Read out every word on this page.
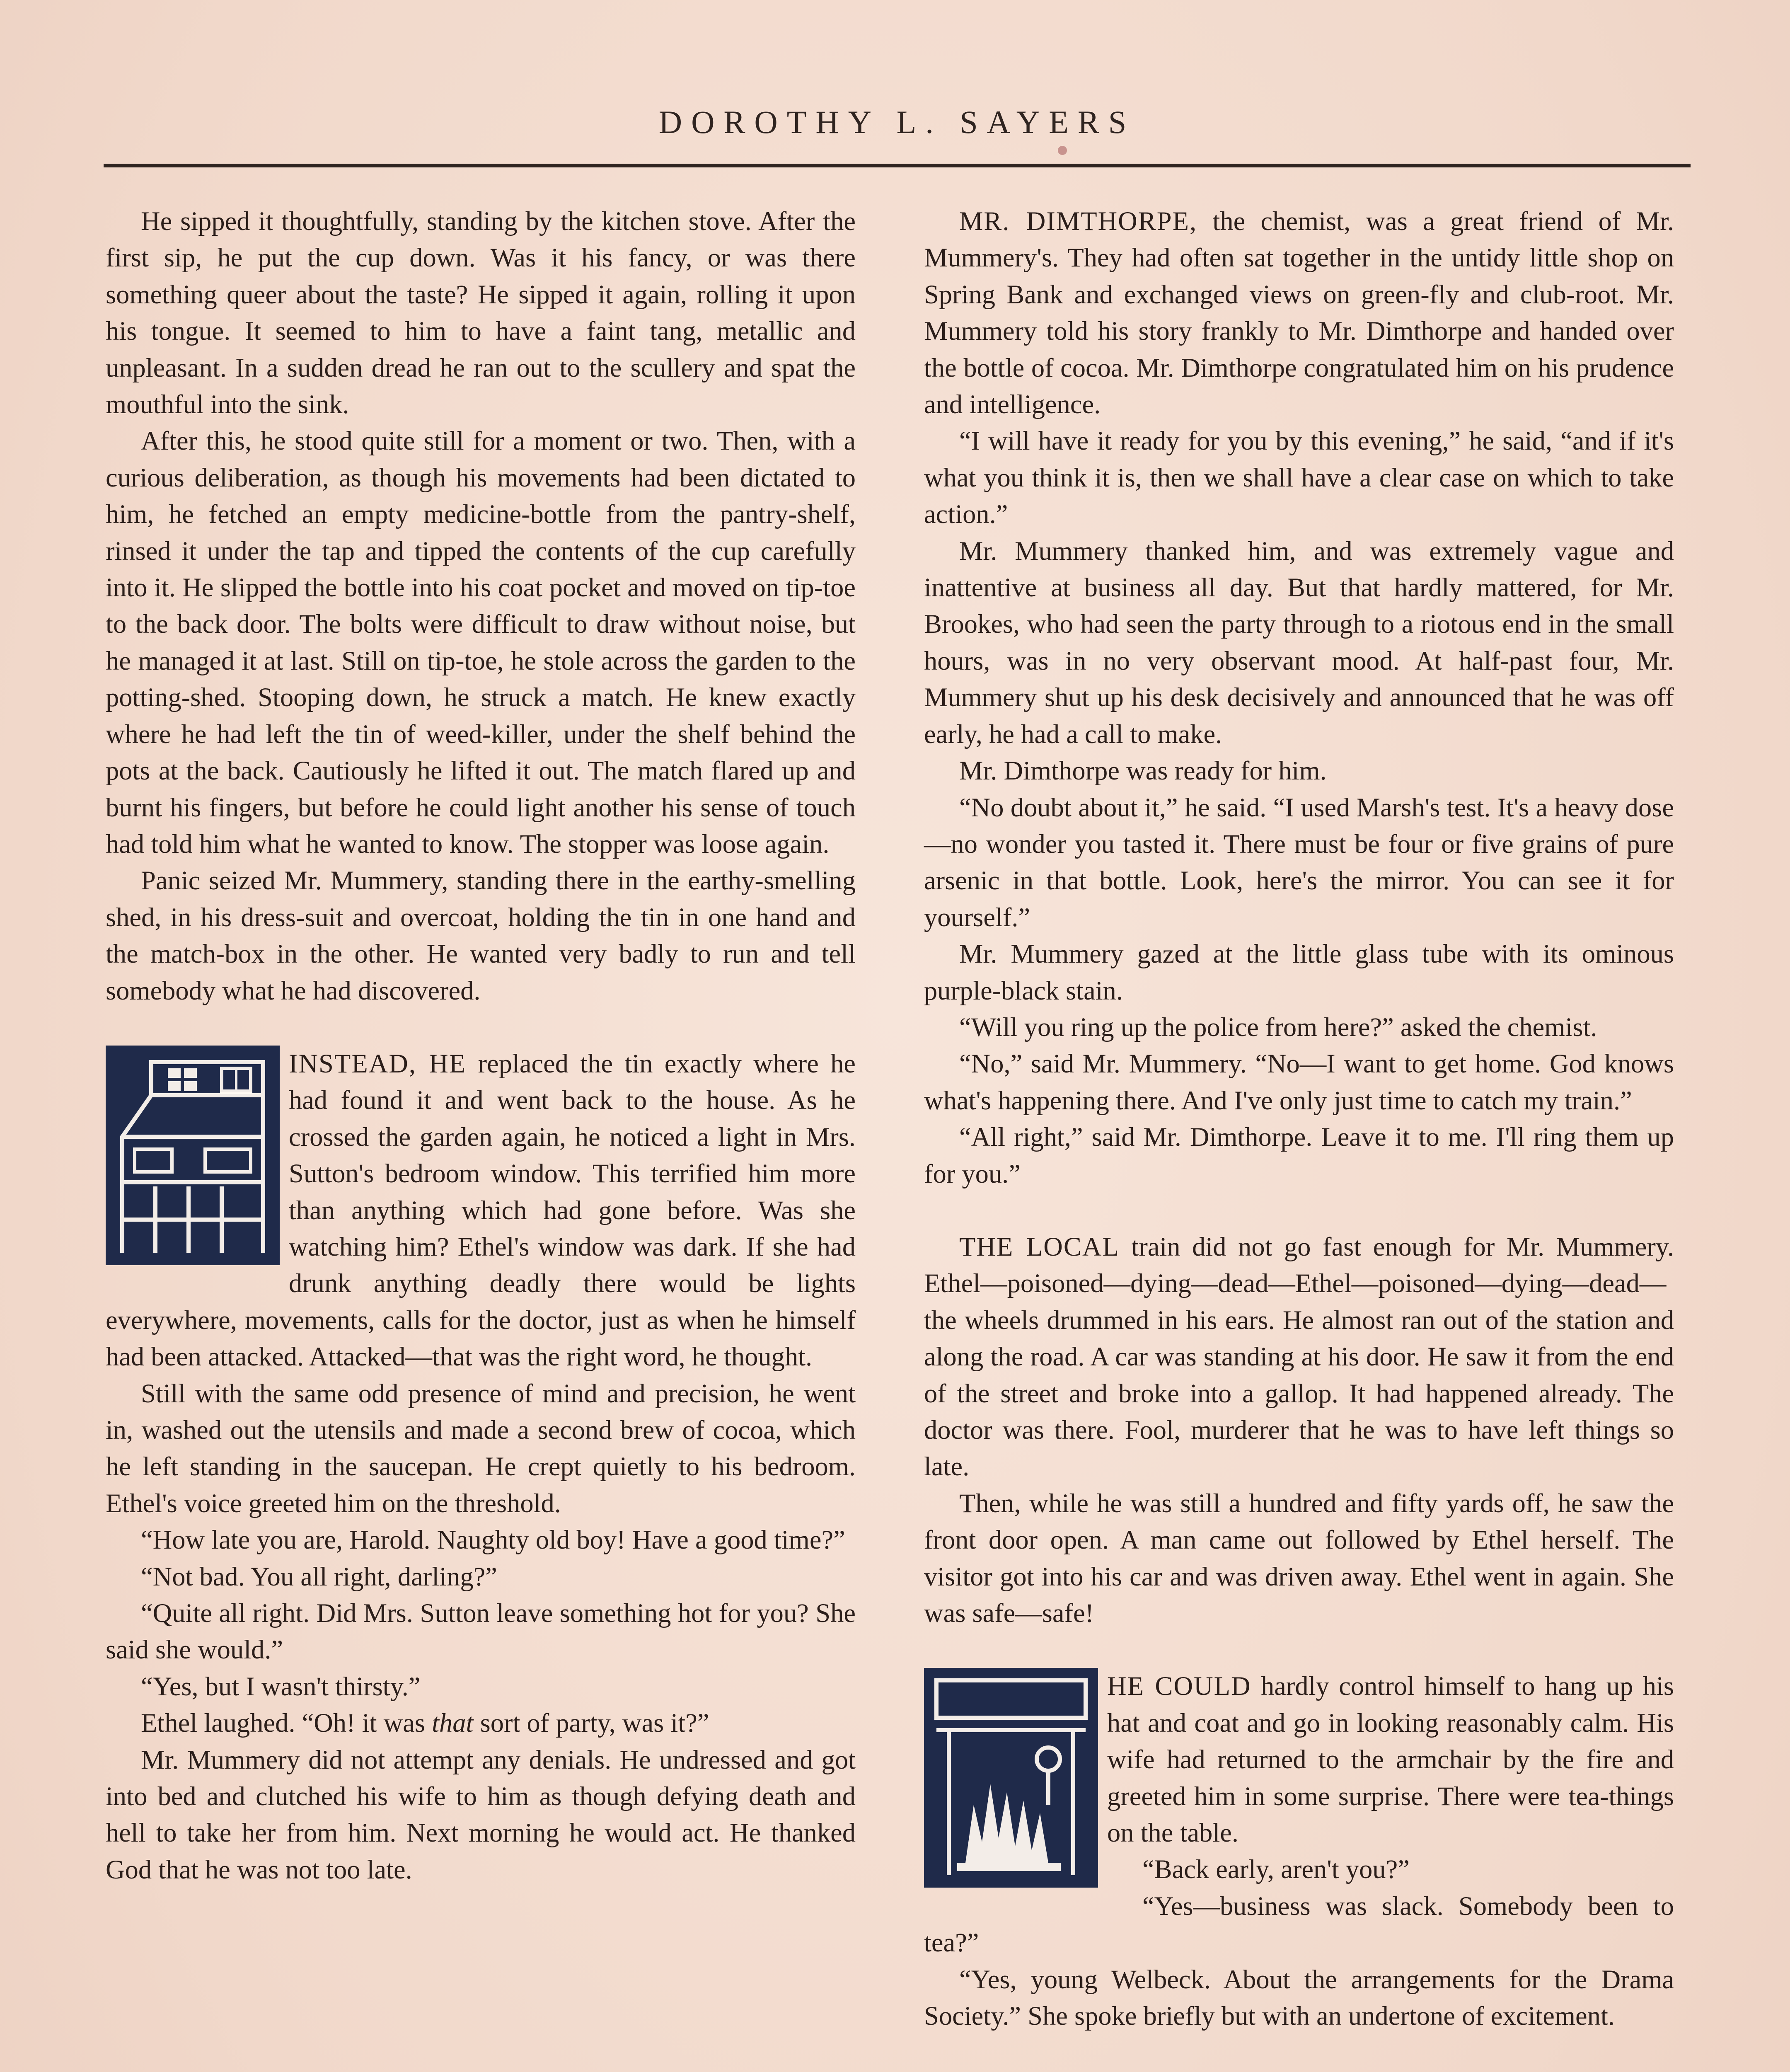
DOROTHY L. SAYERS

He sipped it thoughtfully, standing by the kitchen stove. After the first sip, he put the cup down. Was it his fancy, or was there something queer about the taste? He sipped it again, rolling it upon his tongue. It seemed to him to have a faint tang, metallic and unpleasant. In a sudden dread he ran out to the scullery and spat the mouthful into the sink.

After this, he stood quite still for a moment or two. Then, with a curious deliberation, as though his movements had been dictated to him, he fetched an empty medicine-bottle from the pantry-shelf, rinsed it under the tap and tipped the contents of the cup carefully into it. He slipped the bottle into his coat pocket and moved on tip-toe to the back door. The bolts were difficult to draw without noise, but he managed it at last. Still on tip-toe, he stole across the garden to the potting-shed. Stooping down, he struck a match. He knew exactly where he had left the tin of weed-killer, under the shelf behind the pots at the back. Cautiously he lifted it out. The match flared up and burnt his fingers, but before he could light another his sense of touch had told him what he wanted to know. The stopper was loose again.

Panic seized Mr. Mummery, standing there in the earthy-smelling shed, in his dress-suit and overcoat, holding the tin in one hand and the match-box in the other. He wanted very badly to run and tell somebody what he had discovered.

INSTEAD, HE replaced the tin exactly where he had found it and went back to the house. As he crossed the garden again, he noticed a light in Mrs. Sutton's bedroom window. This terrified him more than anything which had gone before. Was she watching him? Ethel's window was dark. If she had drunk anything deadly there would be lights everywhere, movements, calls for the doctor, just as when he himself had been attacked. Attacked—that was the right word, he thought.

Still with the same odd presence of mind and precision, he went in, washed out the utensils and made a second brew of cocoa, which he left standing in the saucepan. He crept quietly to his bedroom. Ethel's voice greeted him on the threshold.

“How late you are, Harold. Naughty old boy! Have a good time?”

“Not bad. You all right, darling?”

“Quite all right. Did Mrs. Sutton leave something hot for you? She said she would.”

“Yes, but I wasn't thirsty.”

Ethel laughed. “Oh! it was that sort of party, was it?”

Mr. Mummery did not attempt any denials. He undressed and got into bed and clutched his wife to him as though defying death and hell to take her from him. Next morning he would act. He thanked God that he was not too late.

MR. DIMTHORPE, the chemist, was a great friend of Mr. Mummery's. They had often sat together in the untidy little shop on Spring Bank and exchanged views on green-fly and club-root. Mr. Mummery told his story frankly to Mr. Dimthorpe and handed over the bottle of cocoa. Mr. Dimthorpe congratulated him on his prudence and intelligence.

“I will have it ready for you by this evening,” he said, “and if it's what you think it is, then we shall have a clear case on which to take action.”

Mr. Mummery thanked him, and was extremely vague and inattentive at business all day. But that hardly mattered, for Mr. Brookes, who had seen the party through to a riotous end in the small hours, was in no very observant mood. At half-past four, Mr. Mummery shut up his desk decisively and announced that he was off early, he had a call to make.

Mr. Dimthorpe was ready for him.

“No doubt about it,” he said. “I used Marsh's test. It's a heavy dose—no wonder you tasted it. There must be four or five grains of pure arsenic in that bottle. Look, here's the mirror. You can see it for yourself.”

Mr. Mummery gazed at the little glass tube with its ominous purple-black stain.

“Will you ring up the police from here?” asked the chemist.

“No,” said Mr. Mummery. “No—I want to get home. God knows what's happening there. And I've only just time to catch my train.”

“All right,” said Mr. Dimthorpe. Leave it to me. I'll ring them up for you.”

THE LOCAL train did not go fast enough for Mr. Mummery. Ethel—poisoned—dying—dead—Ethel—poisoned—dying—dead—the wheels drummed in his ears. He almost ran out of the station and along the road. A car was standing at his door. He saw it from the end of the street and broke into a gallop. It had happened already. The doctor was there. Fool, murderer that he was to have left things so late.

Then, while he was still a hundred and fifty yards off, he saw the front door open. A man came out followed by Ethel herself. The visitor got into his car and was driven away. Ethel went in again. She was safe—safe!

HE COULD hardly control himself to hang up his hat and coat and go in looking reasonably calm. His wife had returned to the armchair by the fire and greeted him in some surprise. There were tea-things on the table.

“Back early, aren't you?”

“Yes—business was slack. Somebody been to tea?”

“Yes, young Welbeck. About the arrangements for the Drama Society.” She spoke briefly but with an undertone of excitement.
